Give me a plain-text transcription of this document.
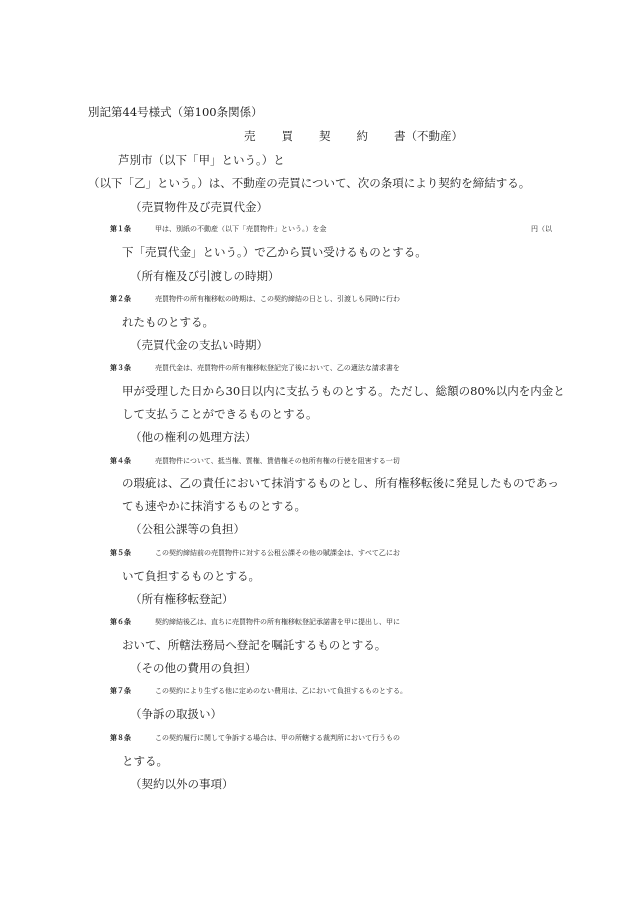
別記第44号様式（第100条関係）
売 買 契 約 書（不動産）
芦別市（以下「甲」という。）と
（以下「乙」という。）は、不動産の売買について、次の条項により契約を締結する。
（売買物件及び売買代金）
第１条	甲は、別紙の不動産（以下「売買物件」という。）を金	円（以
下「売買代金」という。）で乙から買い受けるものとする。
（所有権及び引渡しの時期）
第２条	売買物件の所有権移転の時期は、この契約締結の日とし、引渡しも同時に行わ
れたものとする。
（売買代金の支払い時期）
第３条	売買代金は、売買物件の所有権移転登記完了後において、乙の適法な請求書を
甲が受理した日から30日以内に支払うものとする。ただし、総額の80%以内を内金と
して支払うことができるものとする。
（他の権利の処理方法）
第４条	売買物件について、抵当権、質権、賃借権その他所有権の行使を阻害する一切
の瑕疵は、乙の責任において抹消するものとし、所有権移転後に発見したものであっ
ても速やかに抹消するものとする。
（公租公課等の負担）
第５条	この契約締結前の売買物件に対する公租公課その他の賦課金は、すべて乙にお
いて負担するものとする。
（所有権移転登記）
第６条	契約締結後乙は、直ちに売買物件の所有権移転登記承諾書を甲に提出し、甲に
おいて、所轄法務局へ登記を嘱託するものとする。
（その他の費用の負担）
第７条	この契約により生ずる他に定めのない費用は、乙において負担するものとする。
（争訴の取扱い）
第８条	この契約履行に関して争訴する場合は、甲の所轄する裁判所において行うもの
とする。
（契約以外の事項）
